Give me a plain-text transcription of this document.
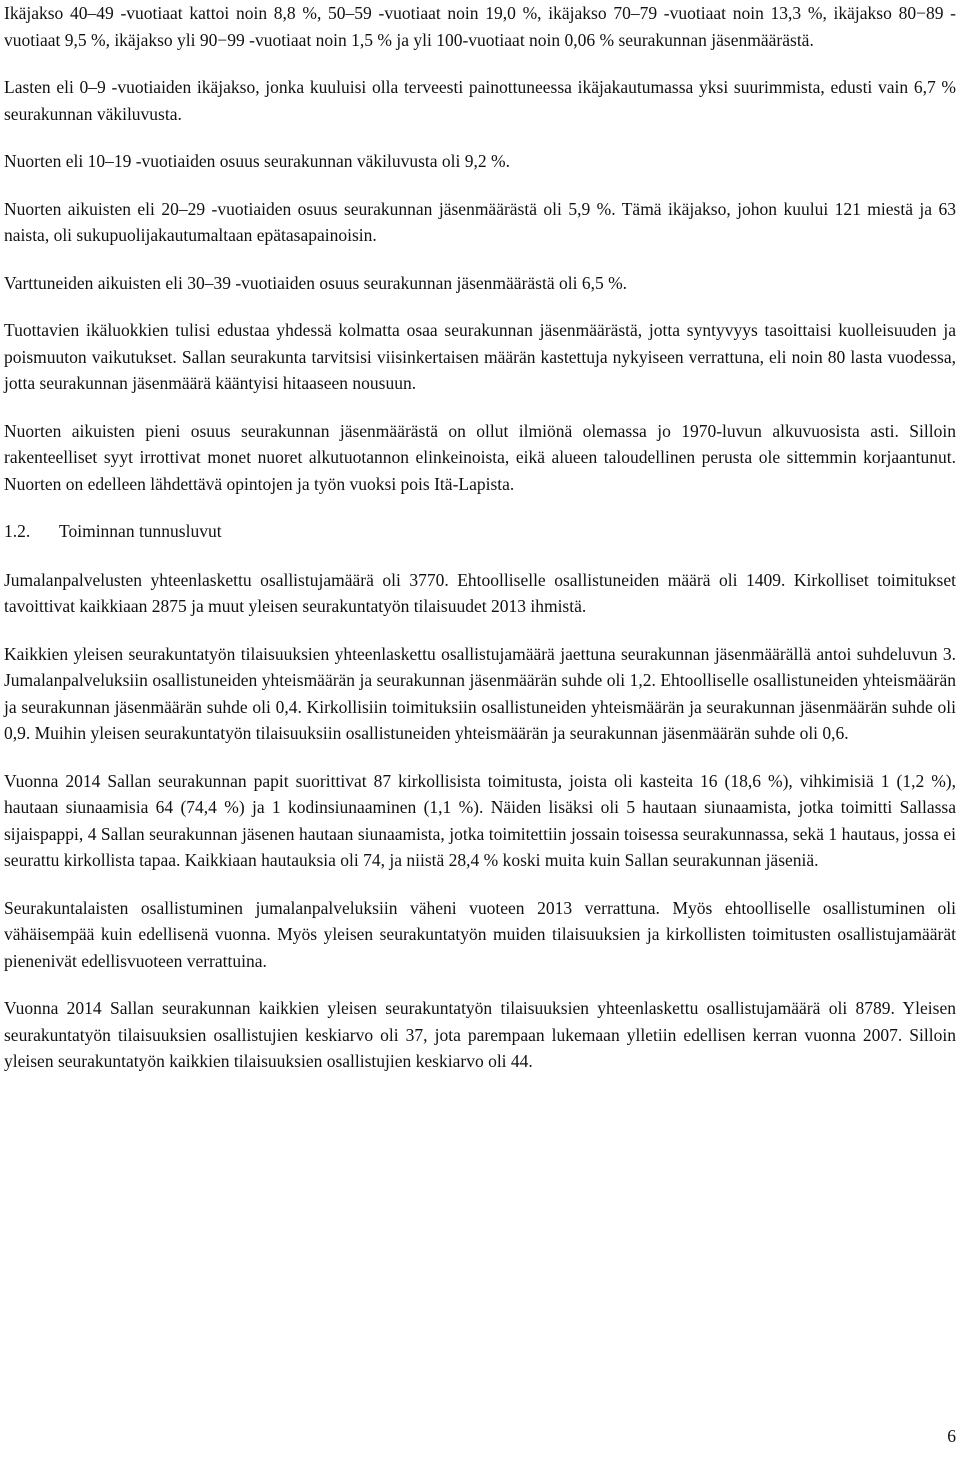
Ikäjakso 40–49 -vuotiaat kattoi noin 8,8 %, 50–59 -vuotiaat noin 19,0 %, ikäjakso 70–79 -vuotiaat noin 13,3 %, ikäjakso 80−89 -vuotiaat 9,5 %, ikäjakso yli 90−99 -vuotiaat noin 1,5 % ja yli 100-vuotiaat noin 0,06 % seurakunnan jäsenmäärästä.

Lasten eli 0–9 -vuotiaiden ikäjakso, jonka kuuluisi olla terveesti painottuneessa ikäjakautumassa yksi suurimmista, edusti vain 6,7 % seurakunnan väkiluvusta.

Nuorten eli 10–19 -vuotiaiden osuus seurakunnan väkiluvusta oli 9,2 %.

Nuorten aikuisten eli 20–29 -vuotiaiden osuus seurakunnan jäsenmäärästä oli 5,9 %. Tämä ikäjakso, johon kuului 121 miestä ja 63 naista, oli sukupuolijakautumaltaan epätasapainoisin.

Varttuneiden aikuisten eli 30–39 -vuotiaiden osuus seurakunnan jäsenmäärästä oli 6,5 %.

Tuottavien ikäluokkien tulisi edustaa yhdessä kolmatta osaa seurakunnan jäsenmäärästä, jotta syntyvyys tasoittaisi kuolleisuuden ja poismuuton vaikutukset. Sallan seurakunta tarvitsisi viisinkertaisen määrän kastettuja nykyiseen verrattuna, eli noin 80 lasta vuodessa, jotta seurakunnan jäsenmäärä kääntyisi hitaaseen nousuun.

Nuorten aikuisten pieni osuus seurakunnan jäsenmäärästä on ollut ilmiönä olemassa jo 1970-luvun alkuvuosista asti. Silloin rakenteelliset syyt irrottivat monet nuoret alkutuotannon elinkeinoista, eikä alueen taloudellinen perusta ole sittemmin korjaantunut. Nuorten on edelleen lähdettävä opintojen ja työn vuoksi pois Itä-Lapista.

1.2.	Toiminnan tunnusluvut

Jumalanpalvelusten yhteenlaskettu osallistujamäärä oli 3770. Ehtoolliselle osallistuneiden määrä oli 1409. Kirkolliset toimitukset tavoittivat kaikkiaan 2875 ja muut yleisen seurakuntatyön tilaisuudet 2013 ihmistä.

Kaikkien yleisen seurakuntatyön tilaisuuksien yhteenlaskettu osallistujamäärä jaettuna seurakunnan jäsenmäärällä antoi suhdeluvun 3. Jumalanpalveluksiin osallistuneiden yhteismäärän ja seurakunnan jäsenmäärän suhde oli 1,2. Ehtoolliselle osallistuneiden yhteismäärän ja seurakunnan jäsenmäärän suhde oli 0,4. Kirkollisiin toimituksiin osallistuneiden yhteismäärän ja seurakunnan jäsenmäärän suhde oli 0,9. Muihin yleisen seurakuntatyön tilaisuuksiin osallistuneiden yhteismäärän ja seurakunnan jäsenmäärän suhde oli 0,6.

Vuonna 2014 Sallan seurakunnan papit suorittivat 87 kirkollisista toimitusta, joista oli kasteita 16 (18,6 %), vihkimisiä 1 (1,2 %), hautaan siunaamisia 64 (74,4 %) ja 1 kodinsiunaaminen (1,1 %). Näiden lisäksi oli 5 hautaan siunaamista, jotka toimitti Sallassa sijaispappi, 4 Sallan seurakunnan jäsenen hautaan siunaamista, jotka toimitettiin jossain toisessa seurakunnassa, sekä 1 hautaus, jossa ei seurattu kirkollista tapaa. Kaikkiaan hautauksia oli 74, ja niistä 28,4 % koski muita kuin Sallan seurakunnan jäseniä.

Seurakuntalaisten osallistuminen jumalanpalveluksiin väheni vuoteen 2013 verrattuna. Myös ehtoolliselle osallistuminen oli vähäisempää kuin edellisenä vuonna. Myös yleisen seurakuntatyön muiden tilaisuuksien ja kirkollisten toimitusten osallistujamäärät pienenivät edellisvuoteen verrattuina.

Vuonna 2014 Sallan seurakunnan kaikkien yleisen seurakuntatyön tilaisuuksien yhteenlaskettu osallistujamäärä oli 8789. Yleisen seurakuntatyön tilaisuuksien osallistujien keskiarvo oli 37, jota parempaan lukemaan ylletiin edellisen kerran vuonna 2007. Silloin yleisen seurakuntatyön kaikkien tilaisuuksien osallistujien keskiarvo oli 44.

6
